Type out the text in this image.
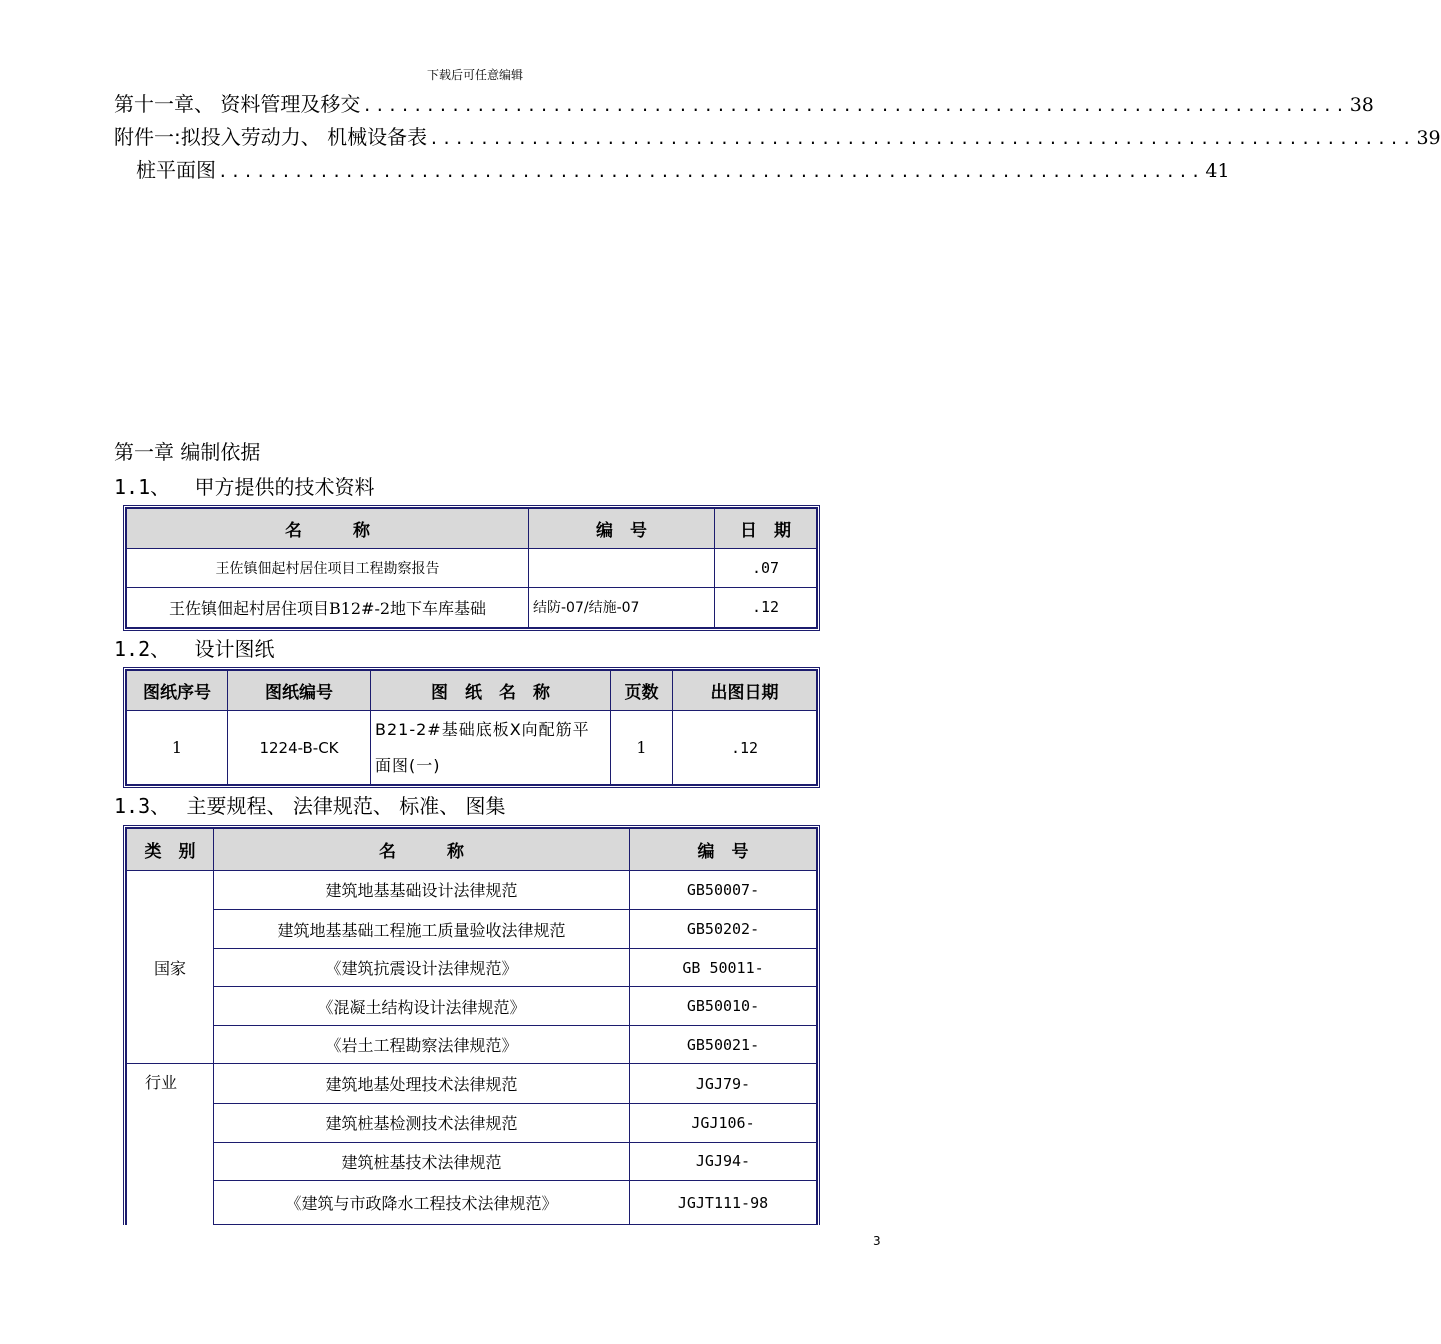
下载后可任意编辑
第十一章、 资料管理及移交 .............................................................................. 38
附件一:拟投入劳动力、 机械设备表 .............................................................................. 39
桩平面图 .............................................................................. 41
第一章 编制依据
1.1、 甲方提供的技术资料
名　　　称	编　号	日　期
王佐镇佃起村居住项目工程勘察报告		.07
王佐镇佃起村居住项目B12#-2地下车库基础	结防-07/结施-07	.12
1.2、 设计图纸
图纸序号	图纸编号	图　纸　名　称	页数	出图日期
1	1224-B-CK	B21-2#基础底板X向配筋平面图(一)	1	.12
1.3、 主要规程、 法律规范、 标准、 图集
类　别	名　　　称	编　号
国家	建筑地基基础设计法律规范	GB50007-
	建筑地基基础工程施工质量验收法律规范	GB50202-
	《建筑抗震设计法律规范》	GB 50011-
	《混凝土结构设计法律规范》	GB50010-
	《岩土工程勘察法律规范》	GB50021-
行业	建筑地基处理技术法律规范	JGJ79-
	建筑桩基检测技术法律规范	JGJ106-
	建筑桩基技术法律规范	JGJ94-
	《建筑与市政降水工程技术法律规范》	JGJT111-98
3
